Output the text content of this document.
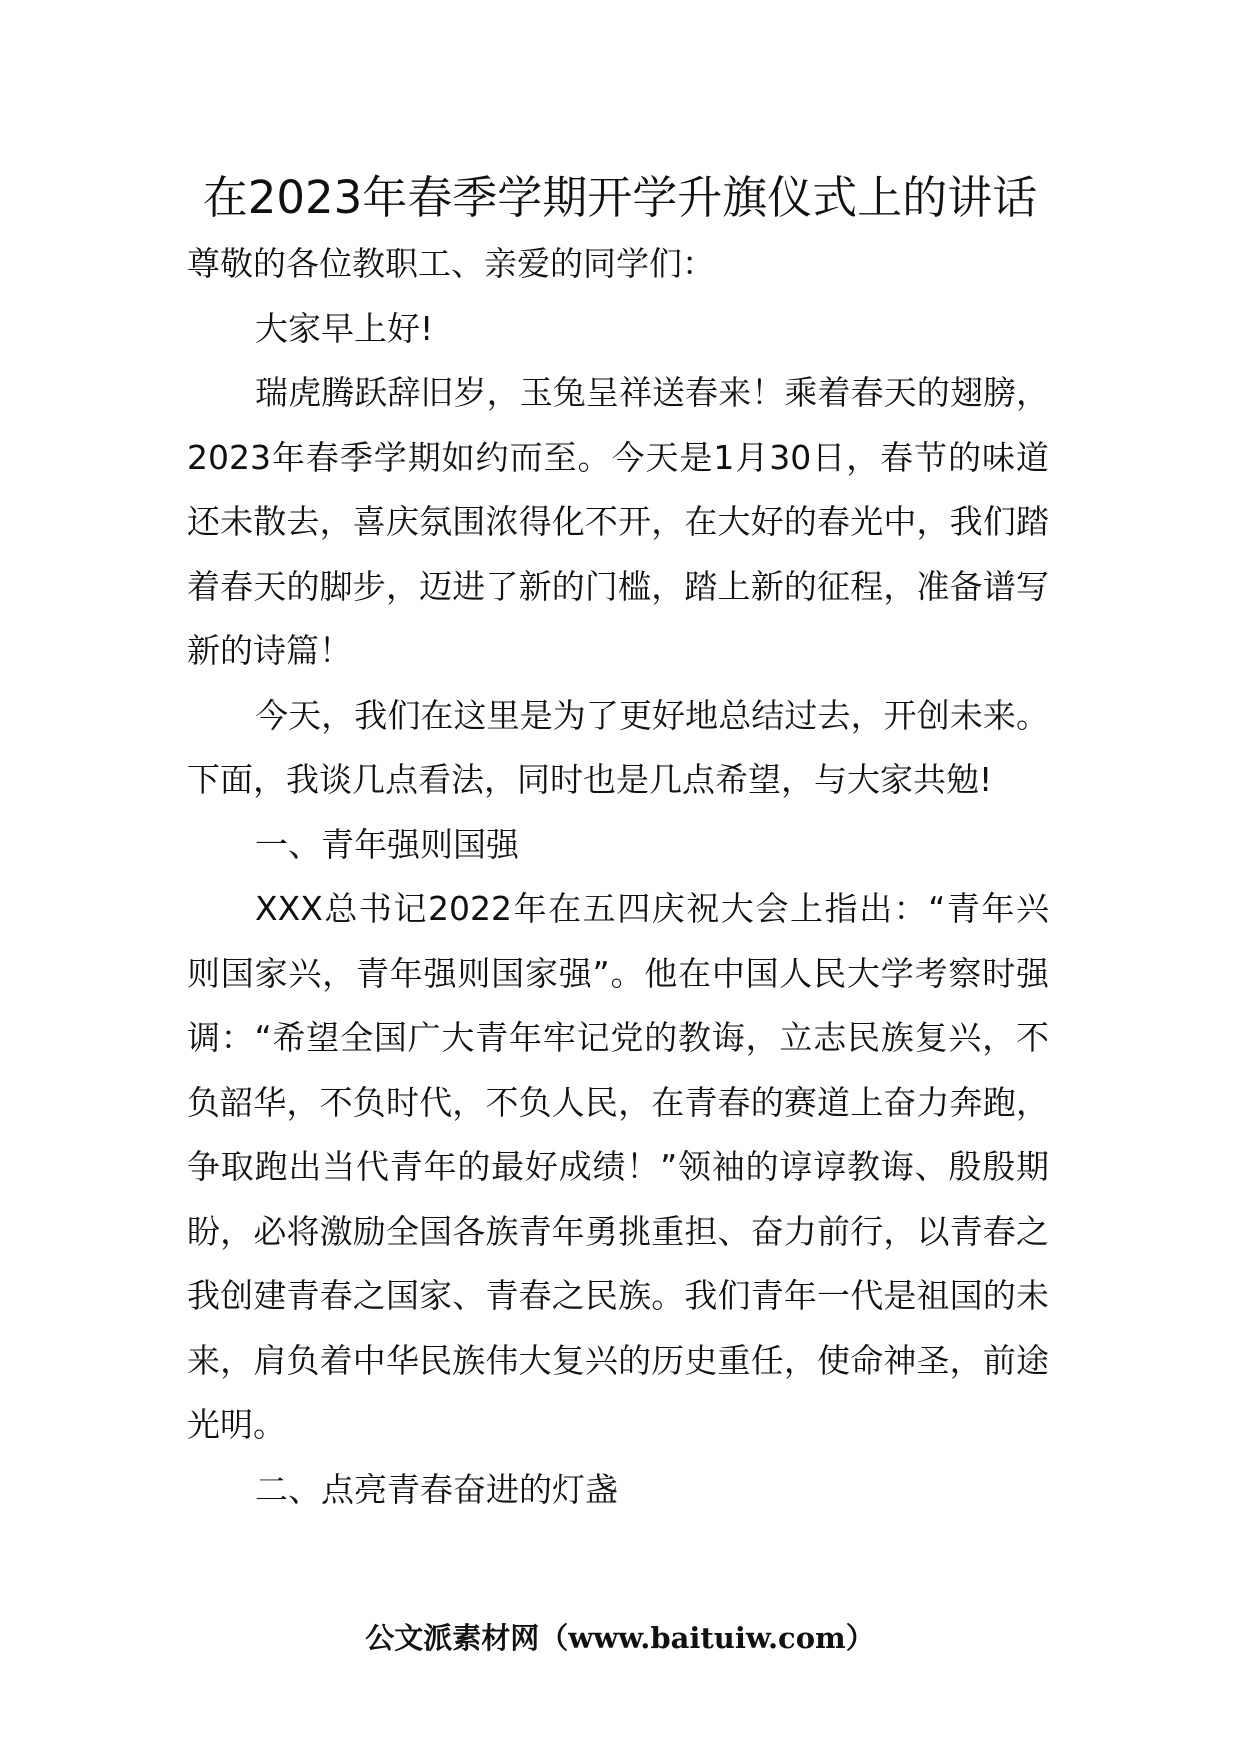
在2023年春季学期开学升旗仪式上的讲话

尊敬的各位教职工、亲爱的同学们：

大家早上好!

瑞虎腾跃辞旧岁，玉兔呈祥送春来！乘着春天的翅膀，2023年春季学期如约而至。今天是1月30日，春节的味道还未散去，喜庆氛围浓得化不开，在大好的春光中，我们踏着春天的脚步，迈进了新的门槛，踏上新的征程，准备谱写新的诗篇！

今天，我们在这里是为了更好地总结过去，开创未来。下面，我谈几点看法，同时也是几点希望，与大家共勉!

一、青年强则国强

XXX总书记2022年在五四庆祝大会上指出：“青年兴则国家兴，青年强则国家强”。他在中国人民大学考察时强调：“希望全国广大青年牢记党的教诲，立志民族复兴，不负韶华，不负时代，不负人民，在青春的赛道上奋力奔跑，争取跑出当代青年的最好成绩！”领袖的谆谆教诲、殷殷期盼，必将激励全国各族青年勇挑重担、奋力前行，以青春之我创建青春之国家、青春之民族。我们青年一代是祖国的未来，肩负着中华民族伟大复兴的历史重任，使命神圣，前途光明。

二、点亮青春奋进的灯盏

公文派素材网（www.baituiw.com）
